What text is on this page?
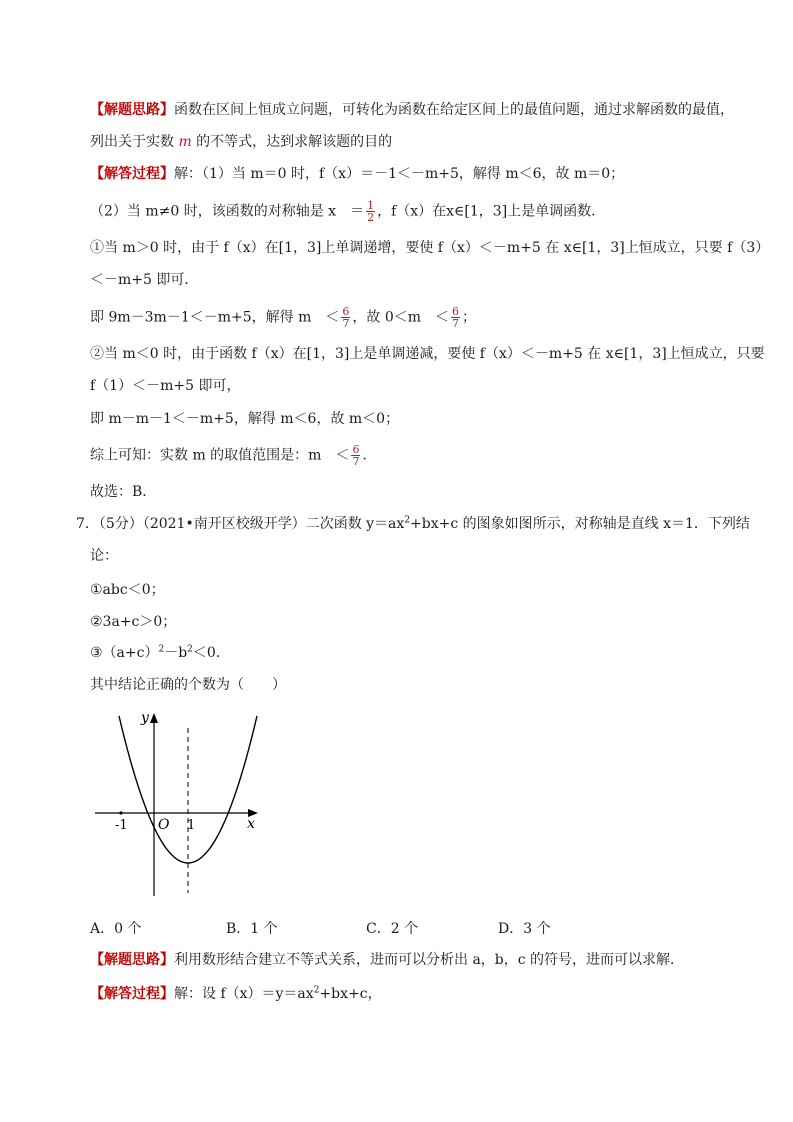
【解题思路】函数在区间上恒成立问题，可转化为函数在给定区间上的最值问题，通过求解函数的最值，
列出关于实数 m 的不等式，达到求解该题的目的
【解答过程】解：（1）当 m＝0 时，f（x）＝－1＜－m+5，解得 m＜6，故 m＝0；
（2）当 m≠0 时，该函数的对称轴是 x　＝ $\frac{1}{2}$ ，f（x）在x∈[1，3]上是单调函数．
①当 m＞0 时，由于 f（x）在[1，3]上单调递增，要使 f（x）＜－m+5 在 x∈[1，3]上恒成立，只要 f（3）
＜－m+5 即可．
即 9m－3m－1＜－m+5，解得 m　＜ $\frac{6}{7}$ ，故 0＜m　＜ $\frac{6}{7}$ ；
②当 m＜0 时，由于函数 f（x）在[1，3]上是单调递减，要使 f（x）＜－m+5 在 x∈[1，3]上恒成立，只要
f（1）＜－m+5 即可，
即 m－m－1＜－m+5，解得 m＜6，故 m＜0；
综上可知：实数 m 的取值范围是：m　＜ $\frac{6}{7}$ ．
故选：B．
7．（5分）（2021•南开区校级开学）二次函数 $y=ax^2+bx+c$ 的图象如图所示，对称轴是直线 x＝1．下列结
论：
①abc＜0；
②3a+c＞0；
$③(a+c)^2-b^2<0$．
其中结论正确的个数为（　　）
y
x
O
-1	1
A．0 个	B．1 个	C．2 个	D．3 个
【解题思路】利用数形结合建立不等式关系，进而可以分析出 a，b，c 的符号，进而可以求解．
【解答过程】解：设 $f(x)=y=ax^2+bx+c$，
